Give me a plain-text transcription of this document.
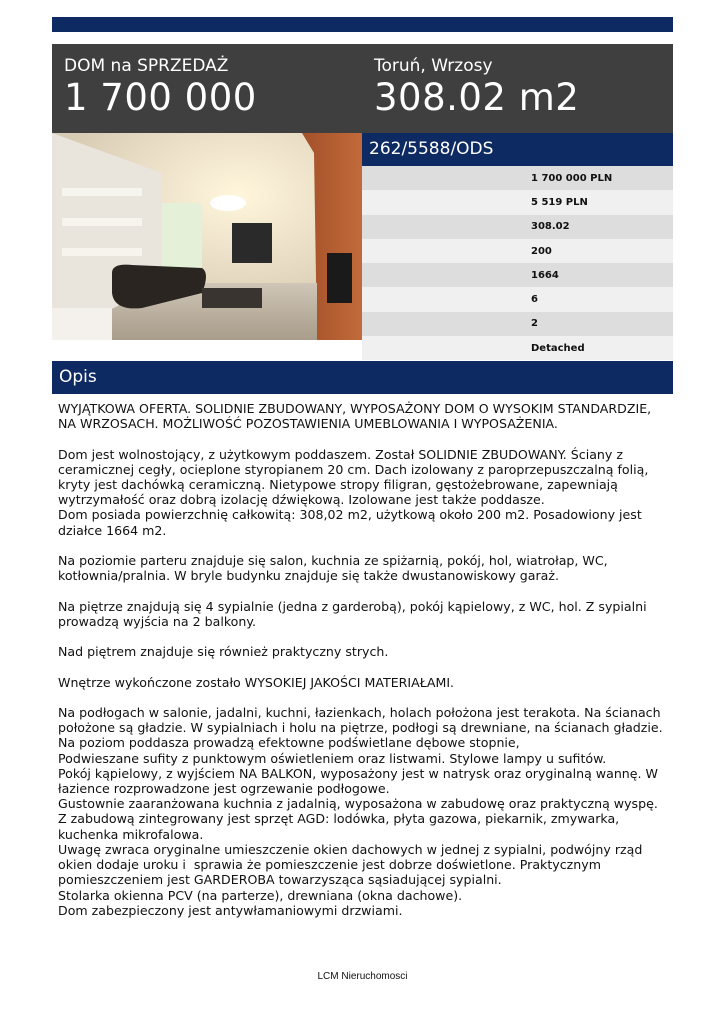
DOM na SPRZEDAŻ
1 700 000
Toruń, Wrzosy
308.02 m2
262/5588/ODS
1 700 000 PLN
5 519 PLN
308.02
200
1664
6
2
Detached
Opis

WYJĄTKOWA OFERTA. SOLIDNIE ZBUDOWANY, WYPOSAŻONY DOM O WYSOKIM STANDARDZIE, NA WRZOSACH. MOŻLIWOŚĆ POZOSTAWIENIA UMEBLOWANIA I WYPOSAŻENIA.

Dom jest wolnostojący, z użytkowym poddaszem. Został SOLIDNIE ZBUDOWANY. Ściany z ceramicznej cegły, ocieplone styropianem 20 cm. Dach izolowany z paroprzepuszczalną folią, kryty jest dachówką ceramiczną. Nietypowe stropy filigran, gęstożebrowane, zapewniają wytrzymałość oraz dobrą izolację dźwiękową. Izolowane jest także poddasze.

Dom posiada powierzchnię całkowitą: 308,02 m2, użytkową około 200 m2. Posadowiony jest działce 1664 m2.

Na poziomie parteru znajduje się salon, kuchnia ze spiżarnią, pokój, hol, wiatrołap, WC, kotłownia/pralnia. W bryle budynku znajduje się także dwustanowiskowy garaż.

Na piętrze znajdują się 4 sypialnie (jedna z garderobą), pokój kąpielowy, z WC, hol. Z sypialni prowadzą wyjścia na 2 balkony.

Nad piętrem znajduje się również praktyczny strych.

Wnętrze wykończone zostało WYSOKIEJ JAKOŚCI MATERIAŁAMI.

Na podłogach w salonie, jadalni, kuchni, łazienkach, holach położona jest terakota. Na ścianach położone są gładzie. W sypialniach i holu na piętrze, podłogi są drewniane, na ścianach gładzie.

Na poziom poddasza prowadzą efektowne podświetlane dębowe stopnie,

Podwieszane sufity z punktowym oświetleniem oraz listwami. Stylowe lampy u sufitów.

Pokój kąpielowy, z wyjściem NA BALKON, wyposażony jest w natrysk oraz oryginalną wannę. W łazience rozprowadzone jest ogrzewanie podłogowe.

Gustownie zaaranżowana kuchnia z jadalnią, wyposażona w zabudowę oraz praktyczną wyspę. Z zabudową zintegrowany jest sprzęt AGD: lodówka, płyta gazowa, piekarnik, zmywarka, kuchenka mikrofalowa.

Uwagę zwraca oryginalne umieszczenie okien dachowych w jednej z sypialni, podwójny rząd okien dodaje uroku i  sprawia że pomieszczenie jest dobrze doświetlone. Praktycznym pomieszczeniem jest GARDEROBA towarzysząca sąsiadującej sypialni.

Stolarka okienna PCV (na parterze), drewniana (okna dachowe).

Dom zabezpieczony jest antywłamaniowymi drzwiami.

LCM Nieruchomosci
